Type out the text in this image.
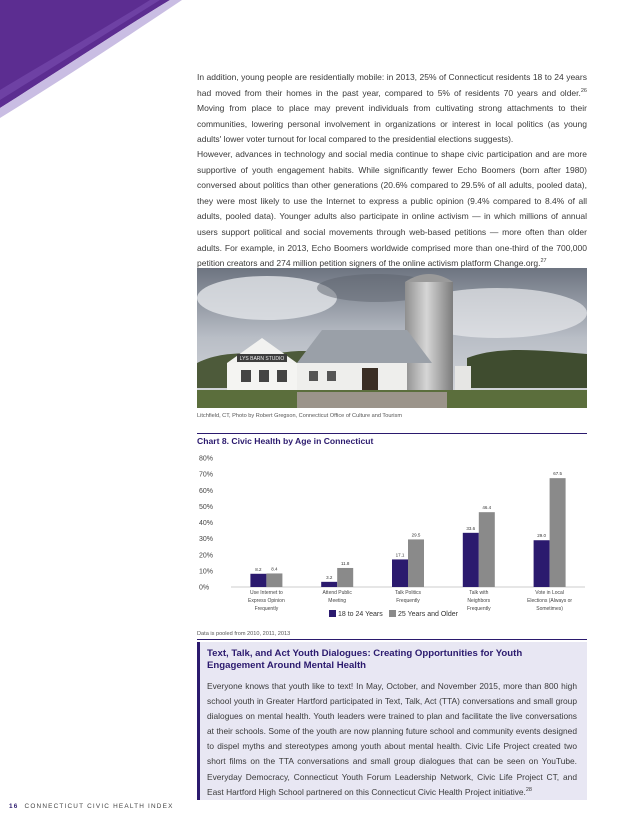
In addition, young people are residentially mobile: in 2013, 25% of Connecticut residents 18 to 24 years had moved from their homes in the past year, compared to 5% of residents 70 years and older.$^{26}$ Moving from place to place may prevent individuals from cultivating strong attachments to their communities, lowering personal involvement in organizations or interest in local politics (as young adults' lower voter turnout for local compared to the presidential elections suggests).

However, advances in technology and social media continue to shape civic participation and are more supportive of youth engagement habits. While significantly fewer Echo Boomers (born after 1980) conversed about politics than other generations (20.6% compared to 29.5% of all adults, pooled data), they were most likely to use the Internet to express a public opinion (9.4% compared to 8.4% of all adults, pooled data). Younger adults also participate in online activism — in which millions of annual users support political and social movements through web-based petitions — more often than older adults. For example, in 2013, Echo Boomers worldwide comprised more than one-third of the 700,000 petition creators and 274 million petition signers of the online activism platform Change.org.$^{27}$

LYS BARN STUDIO
Litchfield, CT, Photo by Robert Gregson, Connecticut Office of Culture and Tourism
Chart 8. Civic Health by Age in Connecticut
0%
10%
20%
30%
40%
50%
60%
70%
80%
8.2 8.4
Use Internet to
Express Opinion
Frequently
3.2
11.8
Attend Public
Meeting
17.1
29.5
Talk Politics
Frequently
33.6
46.4
Talk with
Neighbors
Frequently
29.0
67.5
Vote in Local
Elections (Always or
Sometimes)
18 to 24 Years 25 Years and Older
Data is pooled from 2010, 2011, 2013
Text, Talk, and Act Youth Dialogues: Creating Opportunities for Youth Engagement Around Mental Health

Everyone knows that youth like to text! In May, October, and November 2015, more than 800 high school youth in Greater Hartford participated in Text, Talk, Act (TTA) conversations and small group dialogues on mental health. Youth leaders were trained to plan and facilitate the live conversations at their schools. Some of the youth are now planning future school and community events designed to dispel myths and stereotypes among youth about mental health. Civic Life Project created two short films on the TTA conversations and small group dialogues that can be seen on YouTube. Everyday Democracy, Connecticut Youth Forum Leadership Network, Civic Life Project CT, and East Hartford High School partnered on this Connecticut Civic Health Project initiative.$^{28}$

16 CONNECTICUT CIVIC HEALTH INDEX
